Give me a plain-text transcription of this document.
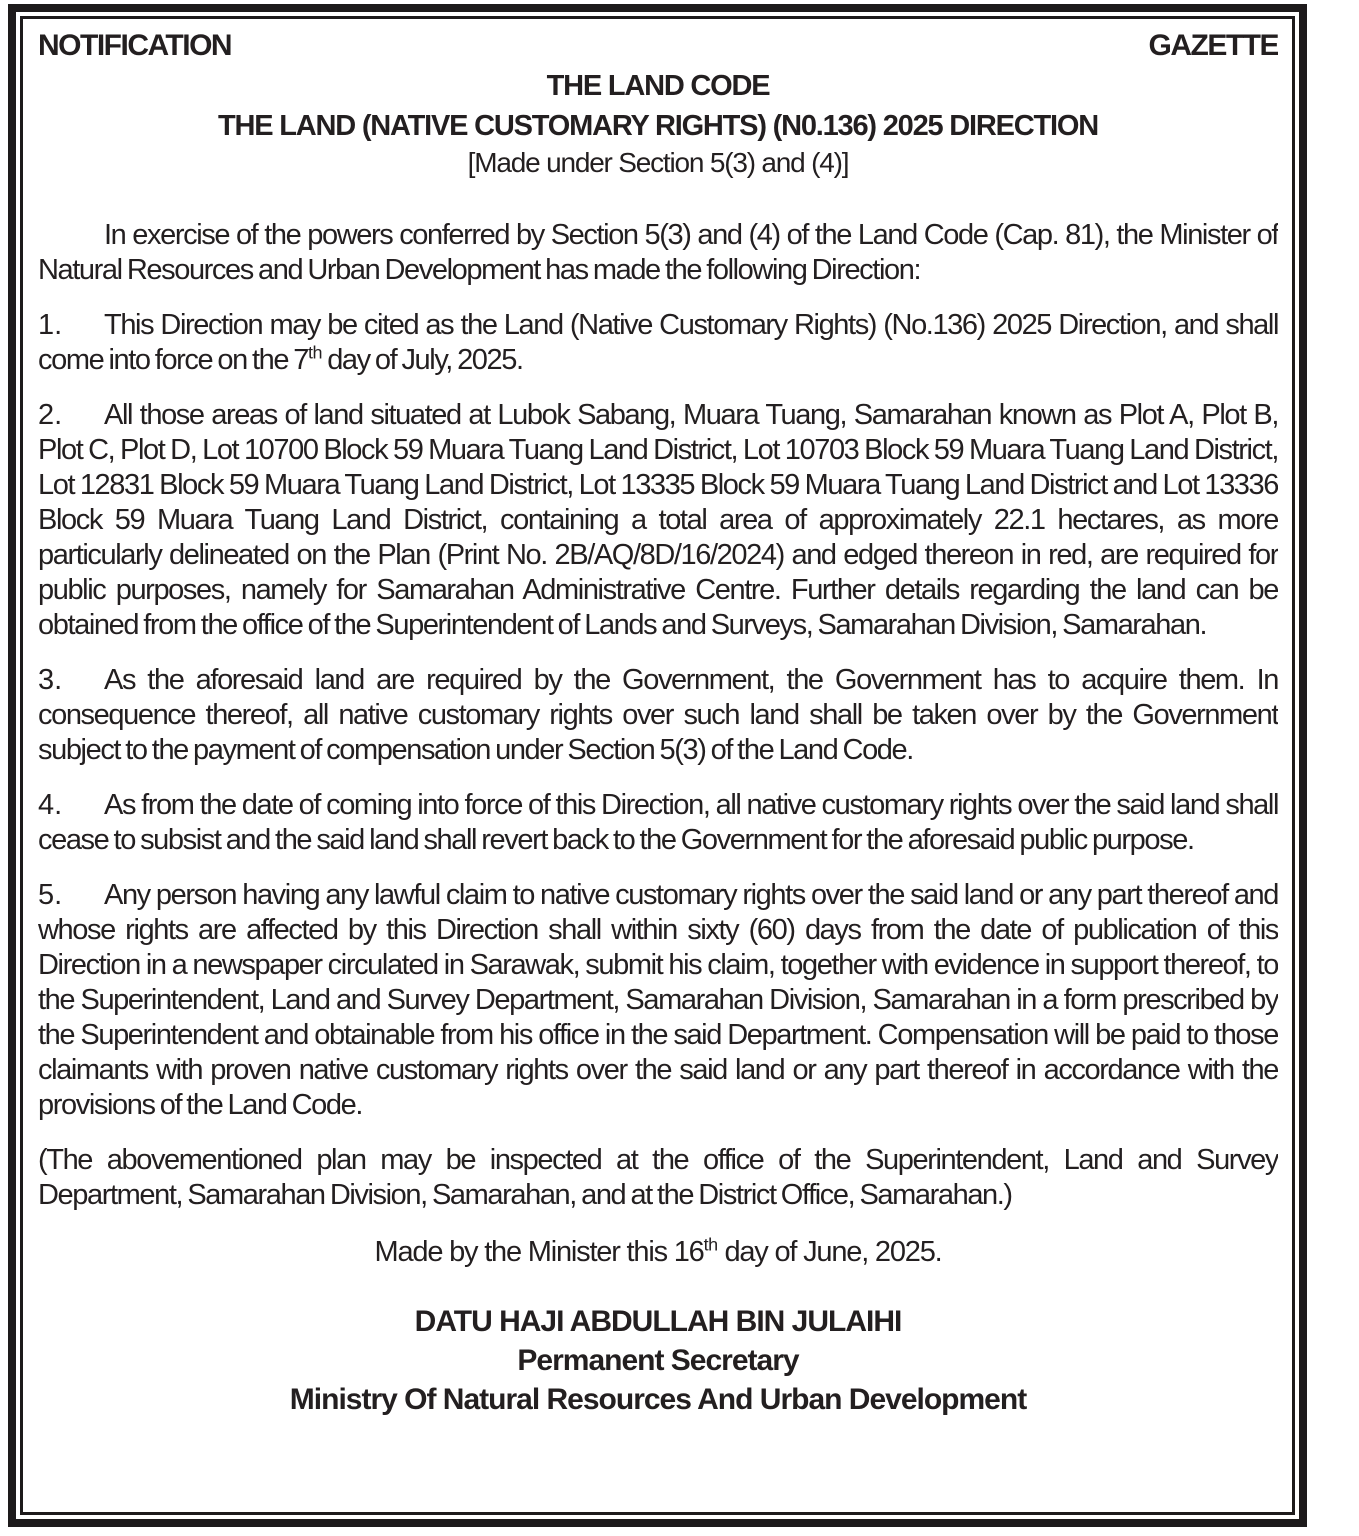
NOTIFICATION	GAZETTE
THE LAND CODE
THE LAND (NATIVE CUSTOMARY RIGHTS) (N0.136) 2025 DIRECTION
[Made under Section 5(3) and (4)]

In exercise of the powers conferred by Section 5(3) and (4) of the Land Code (Cap. 81), the Minister of Natural Resources and Urban Development has made the following Direction:

1. This Direction may be cited as the Land (Native Customary Rights) (No.136) 2025 Direction, and shall come into force on the 7th day of July, 2025.

2. All those areas of land situated at Lubok Sabang, Muara Tuang, Samarahan known as Plot A, Plot B, Plot C, Plot D, Lot 10700 Block 59 Muara Tuang Land District, Lot 10703 Block 59 Muara Tuang Land District, Lot 12831 Block 59 Muara Tuang Land District, Lot 13335 Block 59 Muara Tuang Land District and Lot 13336 Block 59 Muara Tuang Land District, containing a total area of approximately 22.1 hectares, as more particularly delineated on the Plan (Print No. 2B/AQ/8D/16/2024) and edged thereon in red, are required for public purposes, namely for Samarahan Administrative Centre. Further details regarding the land can be obtained from the office of the Superintendent of Lands and Surveys, Samarahan Division, Samarahan.

3. As the aforesaid land are required by the Government, the Government has to acquire them. In consequence thereof, all native customary rights over such land shall be taken over by the Government subject to the payment of compensation under Section 5(3) of the Land Code.

4. As from the date of coming into force of this Direction, all native customary rights over the said land shall cease to subsist and the said land shall revert back to the Government for the aforesaid public purpose.

5. Any person having any lawful claim to native customary rights over the said land or any part thereof and whose rights are affected by this Direction shall within sixty (60) days from the date of publication of this Direction in a newspaper circulated in Sarawak, submit his claim, together with evidence in support thereof, to the Superintendent, Land and Survey Department, Samarahan Division, Samarahan in a form prescribed by the Superintendent and obtainable from his office in the said Department. Compensation will be paid to those claimants with proven native customary rights over the said land or any part thereof in accordance with the provisions of the Land Code.

(The abovementioned plan may be inspected at the office of the Superintendent, Land and Survey Department, Samarahan Division, Samarahan, and at the District Office, Samarahan.)

Made by the Minister this 16th day of June, 2025.

DATU HAJI ABDULLAH BIN JULAIHI
Permanent Secretary
Ministry Of Natural Resources And Urban Development
